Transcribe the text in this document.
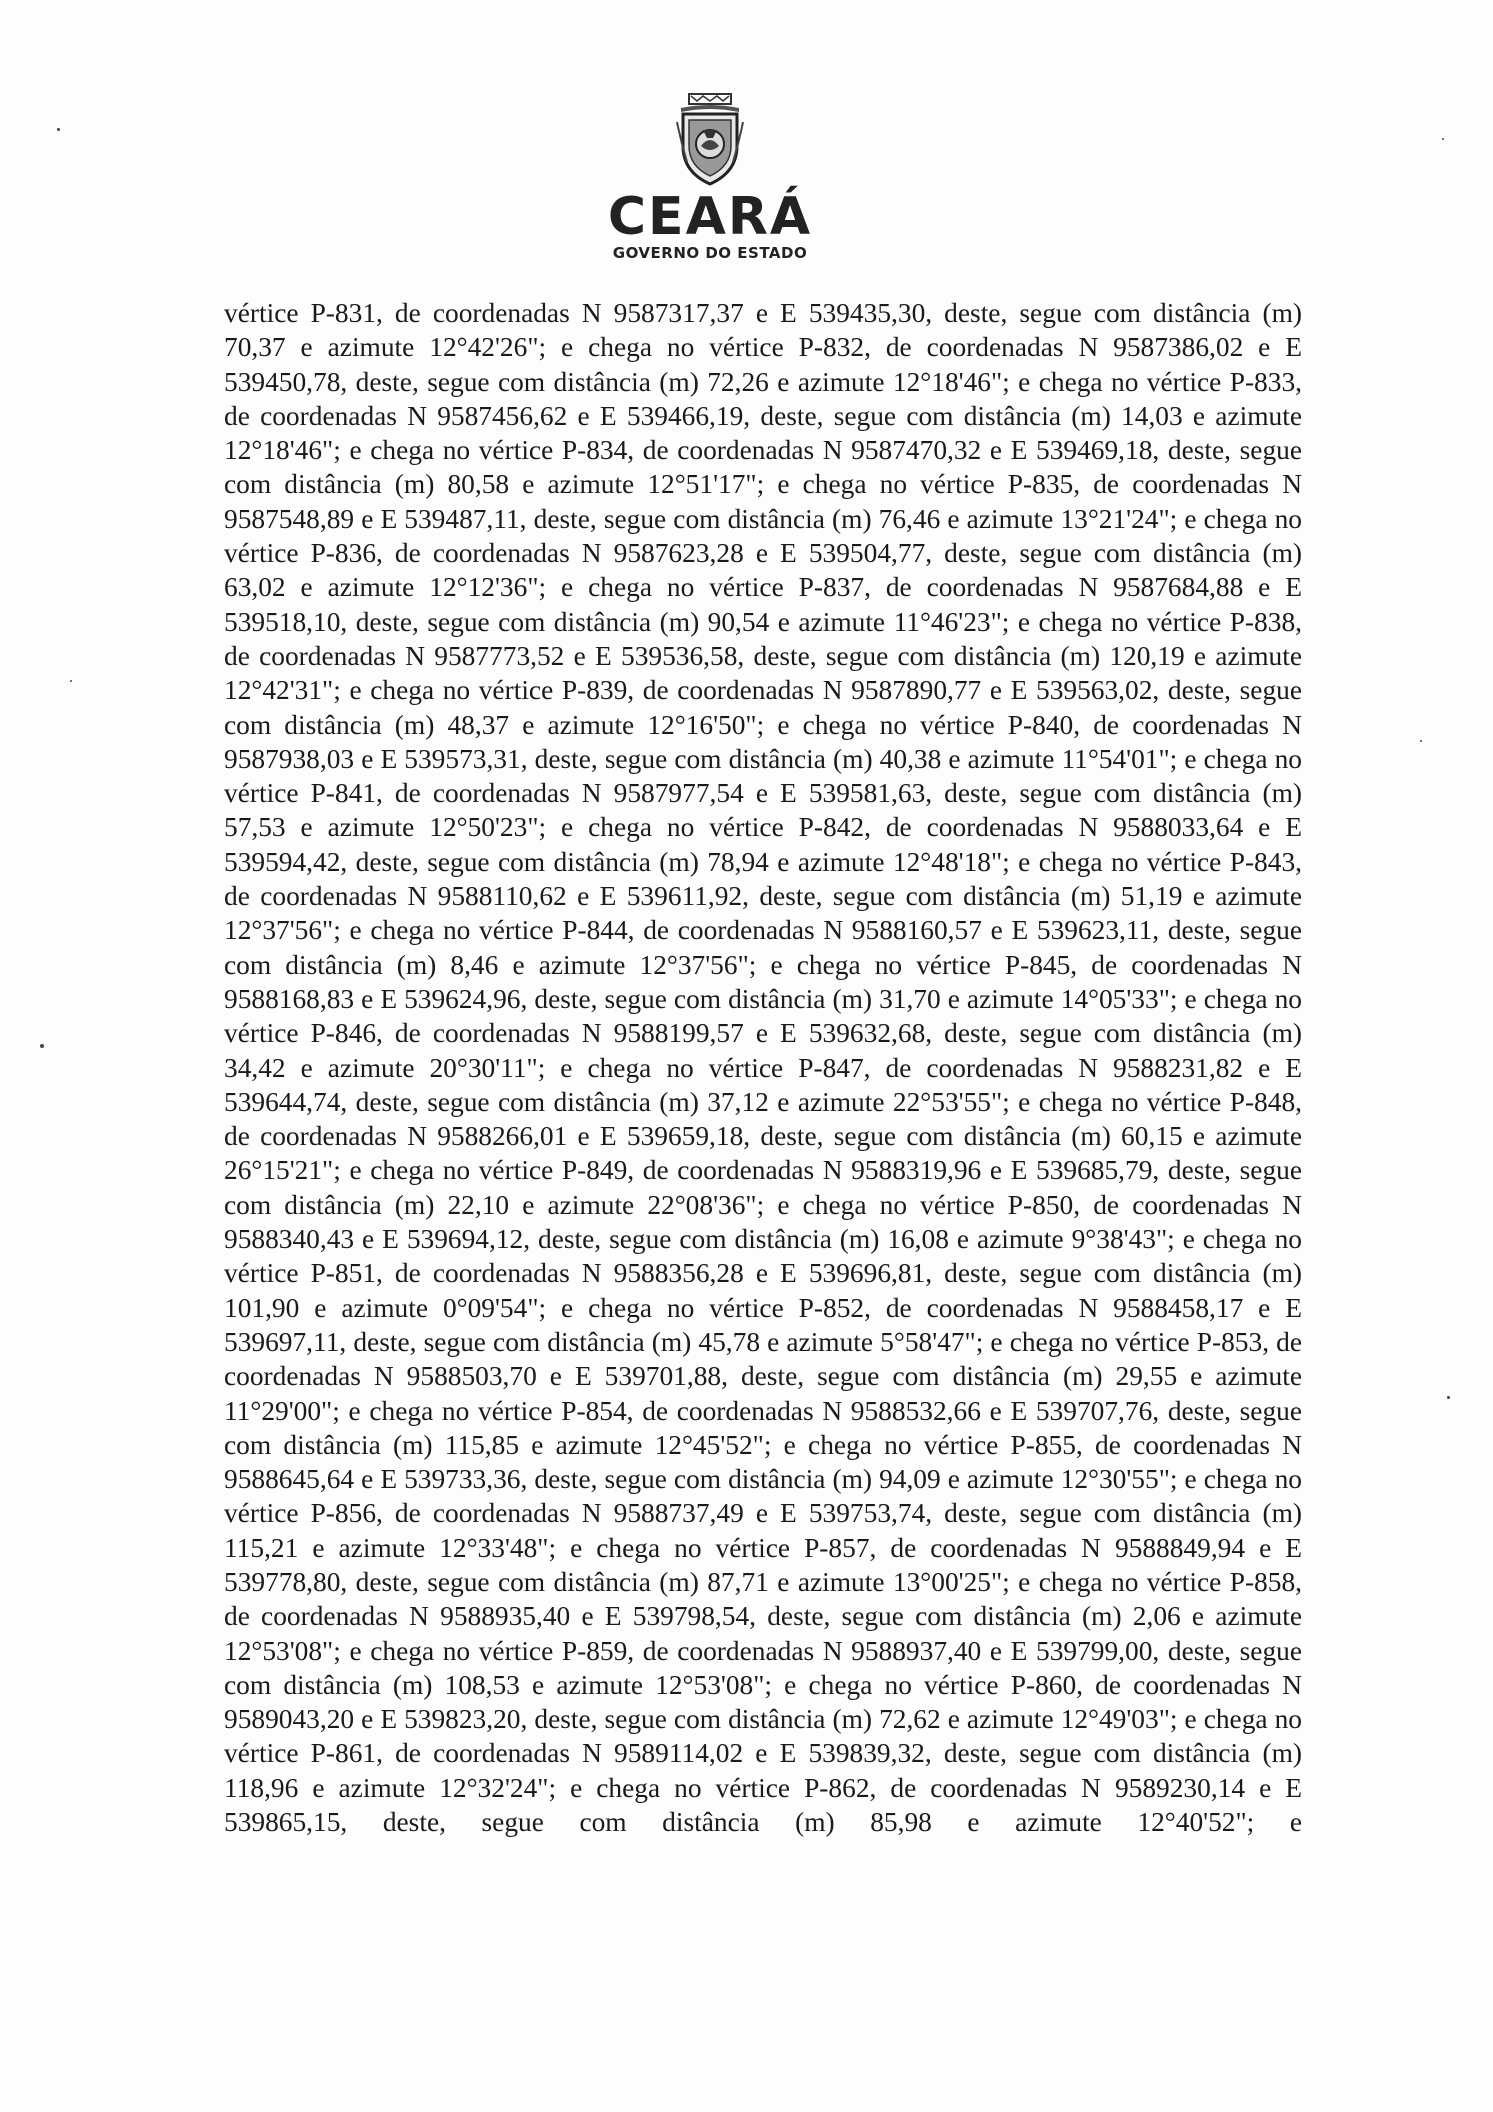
CEARÁ
GOVERNO DO ESTADO
vértice P-831, de coordenadas N 9587317,37 e E 539435,30, deste, segue com distância (m) 70,37 e azimute 12°42'26"; e chega no vértice P-832, de coordenadas N 9587386,02 e E 539450,78, deste, segue com distância (m) 72,26 e azimute 12°18'46"; e chega no vértice P-833, de coordenadas N 9587456,62 e E 539466,19, deste, segue com distância (m) 14,03 e azimute 12°18'46"; e chega no vértice P-834, de coordenadas N 9587470,32 e E 539469,18, deste, segue com distância (m) 80,58 e azimute 12°51'17"; e chega no vértice P-835, de coordenadas N 9587548,89 e E 539487,11, deste, segue com distância (m) 76,46 e azimute 13°21'24"; e chega no vértice P-836, de coordenadas N 9587623,28 e E 539504,77, deste, segue com distância (m) 63,02 e azimute 12°12'36"; e chega no vértice P-837, de coordenadas N 9587684,88 e E 539518,10, deste, segue com distância (m) 90,54 e azimute 11°46'23"; e chega no vértice P-838, de coordenadas N 9587773,52 e E 539536,58, deste, segue com distância (m) 120,19 e azimute 12°42'31"; e chega no vértice P-839, de coordenadas N 9587890,77 e E 539563,02, deste, segue com distância (m) 48,37 e azimute 12°16'50"; e chega no vértice P-840, de coordenadas N 9587938,03 e E 539573,31, deste, segue com distância (m) 40,38 e azimute 11°54'01"; e chega no vértice P-841, de coordenadas N 9587977,54 e E 539581,63, deste, segue com distância (m) 57,53 e azimute 12°50'23"; e chega no vértice P-842, de coordenadas N 9588033,64 e E 539594,42, deste, segue com distância (m) 78,94 e azimute 12°48'18"; e chega no vértice P-843, de coordenadas N 9588110,62 e E 539611,92, deste, segue com distância (m) 51,19 e azimute 12°37'56"; e chega no vértice P-844, de coordenadas N 9588160,57 e E 539623,11, deste, segue com distância (m) 8,46 e azimute 12°37'56"; e chega no vértice P-845, de coordenadas N 9588168,83 e E 539624,96, deste, segue com distância (m) 31,70 e azimute 14°05'33"; e chega no vértice P-846, de coordenadas N 9588199,57 e E 539632,68, deste, segue com distância (m) 34,42 e azimute 20°30'11"; e chega no vértice P-847, de coordenadas N 9588231,82 e E 539644,74, deste, segue com distância (m) 37,12 e azimute 22°53'55"; e chega no vértice P-848, de coordenadas N 9588266,01 e E 539659,18, deste, segue com distância (m) 60,15 e azimute 26°15'21"; e chega no vértice P-849, de coordenadas N 9588319,96 e E 539685,79, deste, segue com distância (m) 22,10 e azimute 22°08'36"; e chega no vértice P-850, de coordenadas N 9588340,43 e E 539694,12, deste, segue com distância (m) 16,08 e azimute 9°38'43"; e chega no vértice P-851, de coordenadas N 9588356,28 e E 539696,81, deste, segue com distância (m) 101,90 e azimute 0°09'54"; e chega no vértice P-852, de coordenadas N 9588458,17 e E 539697,11, deste, segue com distância (m) 45,78 e azimute 5°58'47"; e chega no vértice P-853, de coordenadas N 9588503,70 e E 539701,88, deste, segue com distância (m) 29,55 e azimute 11°29'00"; e chega no vértice P-854, de coordenadas N 9588532,66 e E 539707,76, deste, segue com distância (m) 115,85 e azimute 12°45'52"; e chega no vértice P-855, de coordenadas N 9588645,64 e E 539733,36, deste, segue com distância (m) 94,09 e azimute 12°30'55"; e chega no vértice P-856, de coordenadas N 9588737,49 e E 539753,74, deste, segue com distância (m) 115,21 e azimute 12°33'48"; e chega no vértice P-857, de coordenadas N 9588849,94 e E 539778,80, deste, segue com distância (m) 87,71 e azimute 13°00'25"; e chega no vértice P-858, de coordenadas N 9588935,40 e E 539798,54, deste, segue com distância (m) 2,06 e azimute 12°53'08"; e chega no vértice P-859, de coordenadas N 9588937,40 e E 539799,00, deste, segue com distância (m) 108,53 e azimute 12°53'08"; e chega no vértice P-860, de coordenadas N 9589043,20 e E 539823,20, deste, segue com distância (m) 72,62 e azimute 12°49'03"; e chega no vértice P-861, de coordenadas N 9589114,02 e E 539839,32, deste, segue com distância (m) 118,96 e azimute 12°32'24"; e chega no vértice P-862, de coordenadas N 9589230,14 e E 539865,15, deste, segue com distância (m) 85,98 e azimute 12°40'52"; e
